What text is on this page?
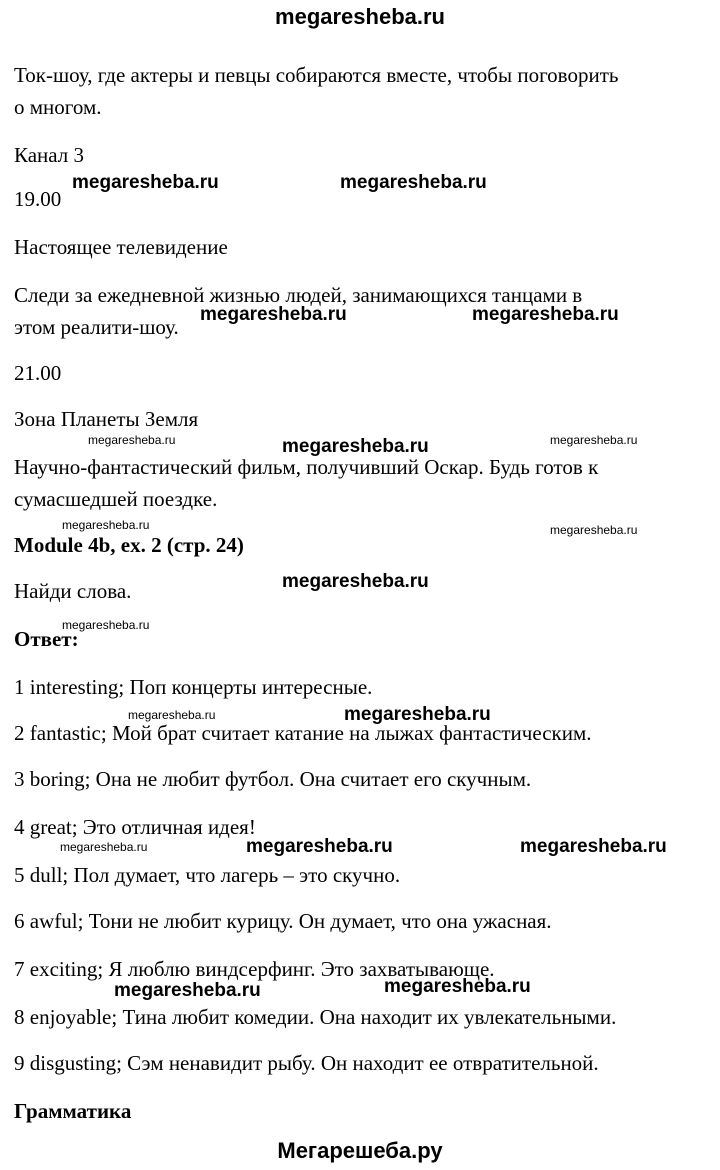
megaresheba.ru
Ток-шоу, где актеры и певцы собираются вместе, чтобы поговорить
о многом.
Канал 3
19.00
Настоящее телевидение
Следи за ежедневной жизнью людей, занимающихся танцами в
этом реалити-шоу.
21.00
Зона Планеты Земля
Научно-фантастический фильм, получивший Оскар. Будь готов к
сумасшедшей поездке.
Module 4b, ex. 2 (стр. 24)
Найди слова.
Ответ:
1 interesting; Поп концерты интересные.
2 fantastic; Мой брат считает катание на лыжах фантастическим.
3 boring; Она не любит футбол. Она считает его скучным.
4 great; Это отличная идея!
5 dull; Пол думает, что лагерь – это скучно.
6 awful; Тони не любит курицу. Он думает, что она ужасная.
7 exciting; Я люблю виндсерфинг. Это захватывающе.
8 enjoyable; Тина любит комедии. Она находит их увлекательными.
9 disgusting; Сэм ненавидит рыбу. Он находит ее отвратительной.
Грамматика
megaresheba.ru	megaresheba.ru
megaresheba.ru	megaresheba.ru
megaresheba.ru	megaresheba.ru	megaresheba.ru
megaresheba.ru	megaresheba.ru
megaresheba.ru
megaresheba.ru
megaresheba.ru	megaresheba.ru
megaresheba.ru	megaresheba.ru	megaresheba.ru
megaresheba.ru	megaresheba.ru
Мегарешеба.ру
